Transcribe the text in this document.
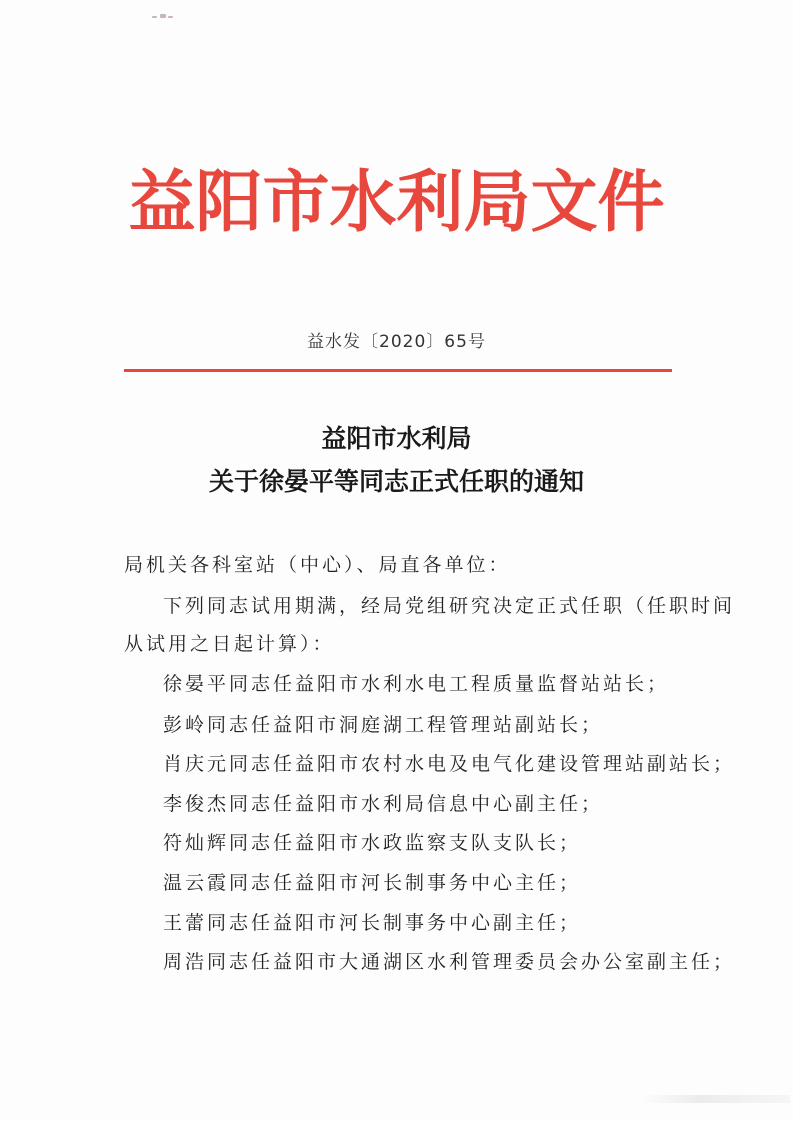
益阳市水利局文件
益水发〔2020〕65号
益阳市水利局
关于徐晏平等同志正式任职的通知
局机关各科室站（中心）、局直各单位：
下列同志试用期满，经局党组研究决定正式任职（任职时间
从试用之日起计算）：
徐晏平同志任益阳市水利水电工程质量监督站站长；
彭岭同志任益阳市洞庭湖工程管理站副站长；
肖庆元同志任益阳市农村水电及电气化建设管理站副站长；
李俊杰同志任益阳市水利局信息中心副主任；
符灿辉同志任益阳市水政监察支队支队长；
温云霞同志任益阳市河长制事务中心主任；
王蕾同志任益阳市河长制事务中心副主任；
周浩同志任益阳市大通湖区水利管理委员会办公室副主任；
